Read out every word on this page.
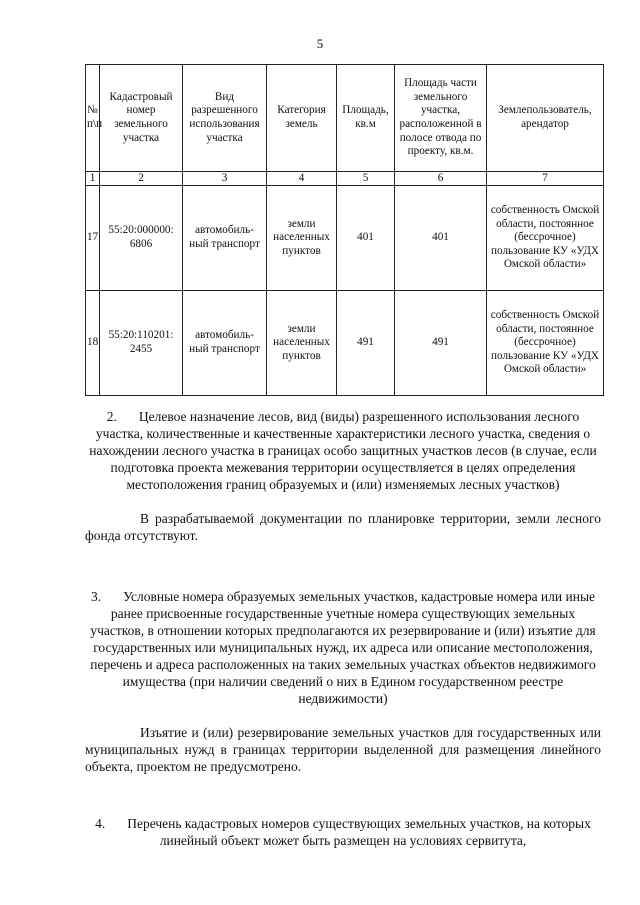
5
№ п\п	Кадастровый номер земельного участка	Вид разрешенного использования участка	Категория земель	Площадь, кв.м	Площадь части земельного участка, расположенной в полосе отвода по проекту, кв.м.	Землепользователь, арендатор
1	2	3	4	5	6	7
17	55:20:000000: 6806	автомобиль- ный транспорт	земли населенных пунктов	401	401	собственность Омской области, постоянное (бессрочное) пользование КУ «УДХ Омской области»
18	55:20:110201: 2455	автомобиль- ный транспорт	земли населенных пунктов	491	491	собственность Омской области, постоянное (бессрочное) пользование КУ «УДХ Омской области»
2. Целевое назначение лесов, вид (виды) разрешенного использования лесного участка, количественные и качественные характеристики лесного участка, сведения о нахождении лесного участка в границах особо защитных участков лесов (в случае, если подготовка проекта межевания территории осуществляется в целях определения местоположения границ образуемых и (или) изменяемых лесных участков)
В разрабатываемой документации по планировке территории, земли лесного фонда отсутствуют.
3. Условные номера образуемых земельных участков, кадастровые номера или иные ранее присвоенные государственные учетные номера существующих земельных участков, в отношении которых предполагаются их резервирование и (или) изъятие для государственных или муниципальных нужд, их адреса или описание местоположения, перечень и адреса расположенных на таких земельных участках объектов недвижимого имущества (при наличии сведений о них в Едином государственном реестре недвижимости)
Изъятие и (или) резервирование земельных участков для государственных или муниципальных нужд в границах территории выделенной для размещения линейного объекта, проектом не предусмотрено.
4. Перечень кадастровых номеров существующих земельных участков, на которых линейный объект может быть размещен на условиях сервитута,
